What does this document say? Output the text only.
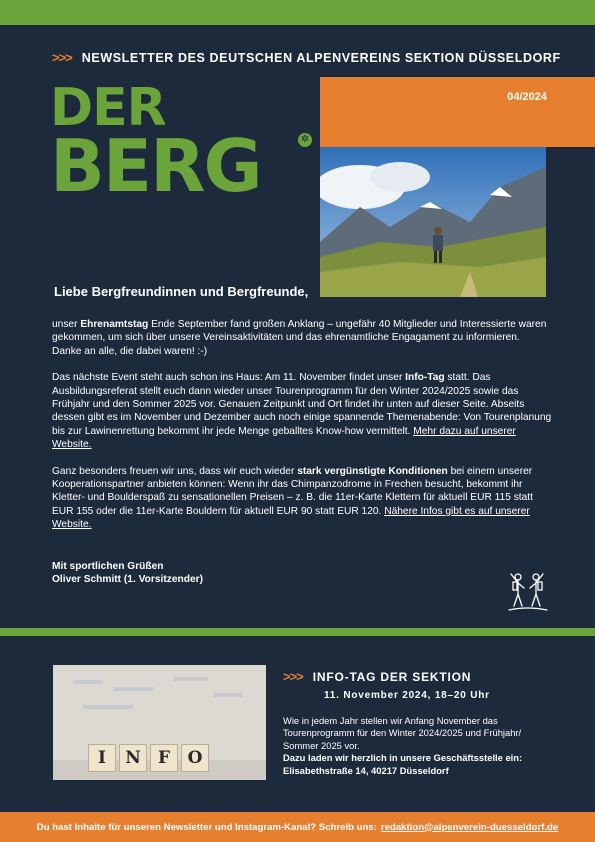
>>> NEWSLETTER DES DEUTSCHEN ALPENVEREINS SEKTION DÜSSELDORF
DER
BERG	✲
04/2024
Liebe Bergfreundinnen und Bergfreunde,

unser Ehrenamtstag Ende September fand großen Anklang – ungefähr 40 Mitglieder und Interessierte waren gekommen, um sich über unsere Vereinsaktivitäten und das ehrenamtliche Engagament zu informieren. Danke an alle, die dabei waren! :-)

Das nächste Event steht auch schon ins Haus: Am 11. November findet unser Info-Tag statt. Das Ausbildungsreferat stellt euch dann wieder unser Tourenprogramm für den Winter 2024/2025 sowie das Frühjahr und den Sommer 2025 vor. Genauen Zeitpunkt und Ort findet ihr unten auf dieser Seite. Abseits dessen gibt es im November und Dezember auch noch einige spannende Themenabende: Von Tourenplanung bis zur Lawinenrettung bekommt ihr jede Menge geballtes Know-how vermittelt. Mehr dazu auf unserer Website.

Ganz besonders freuen wir uns, dass wir euch wieder stark vergünstigte Konditionen bei einem unserer Kooperationspartner anbieten können: Wenn ihr das Chimpanzodrome in Frechen besucht, bekommt ihr Kletter- und Boulderspaß zu sensationellen Preisen – z. B. die 11er-Karte Klettern für aktuell EUR 115 statt EUR 155 oder die 11er-Karte Bouldern für aktuell EUR 90 statt EUR 120. Nähere Infos gibt es auf unserer Website.

Mit sportlichen Grüßen
Oliver Schmitt (1. Vorsitzender)
I	N	F	O
>>> INFO-TAG DER SEKTION
11. November 2024, 18–20 Uhr
Wie in jedem Jahr stellen wir Anfang November das Tourenprogramm für den Winter 2024/2025 und Frühjahr/ Sommer 2025 vor.
Dazu laden wir herzlich in unsere Geschäftsstelle ein:
Elisabethstraße 14, 40217 Düsseldorf
Du hast Inhalte für unseren Newsletter und Instagram-Kanal? Schreib uns: redaktion@alpenverein-duesseldorf.de
